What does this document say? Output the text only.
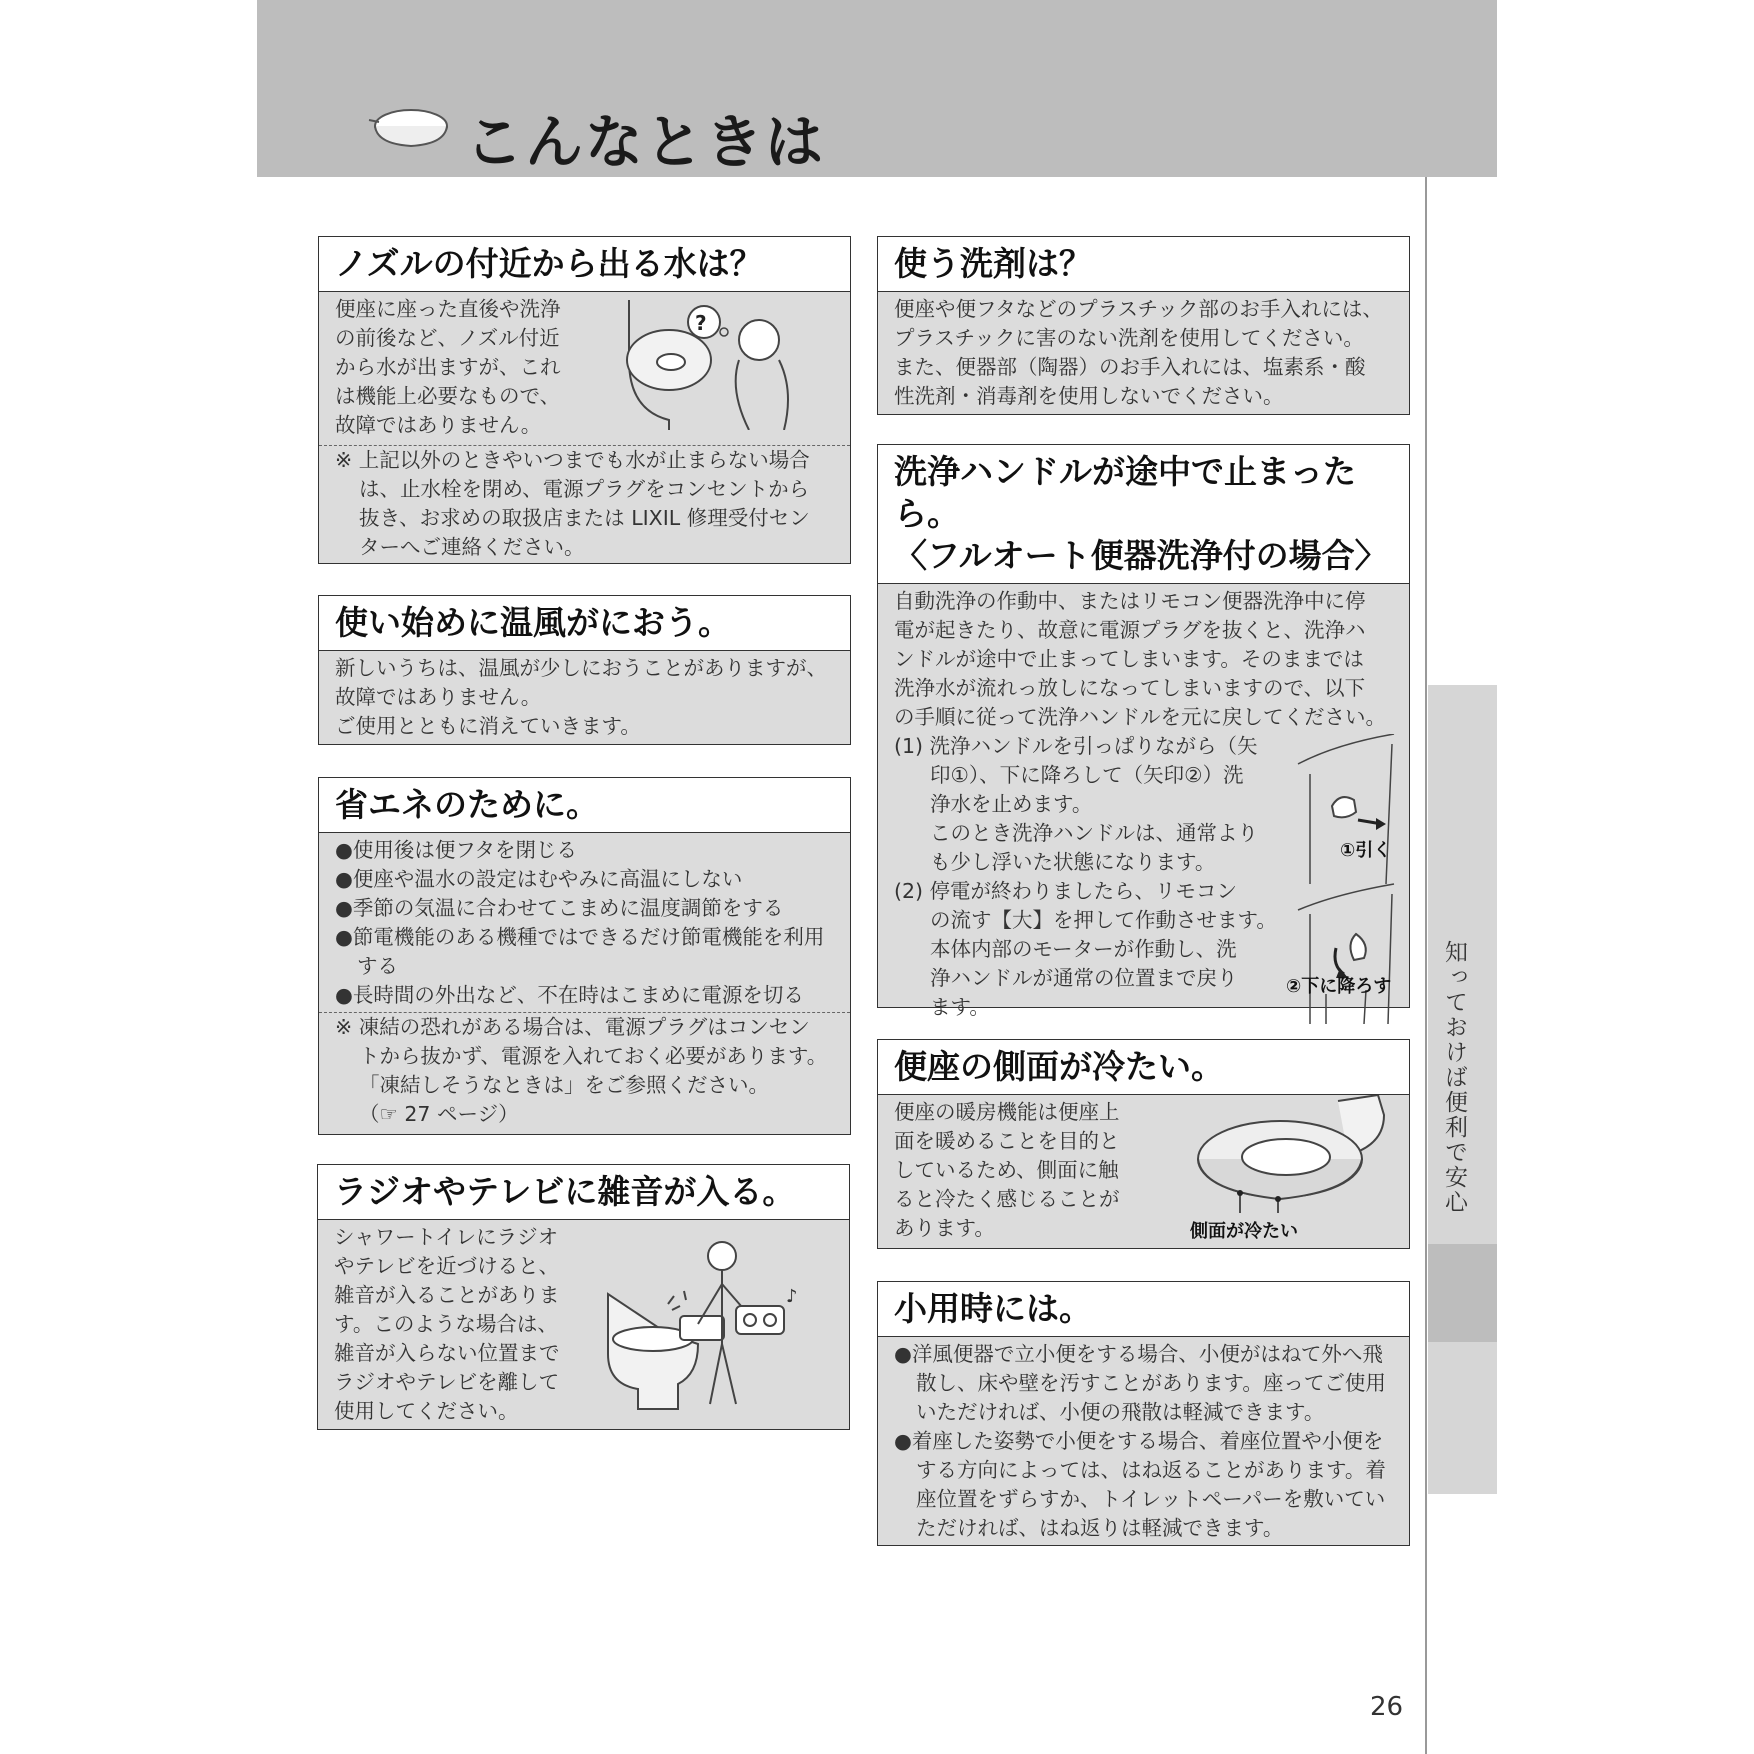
こんなときは
知っておけば便利で安心
ノズルの付近から出る水は？

便座に座った直後や洗浄

の前後など、ノズル付近

から水が出ますが、これ

は機能上必要なもので、

故障ではありません。

?

※ 上記以外のときやいつまでも水が止まらない場合

は、止水栓を閉め、電源プラグをコンセントから

抜き、お求めの取扱店または LIXIL 修理受付セン

ターへご連絡ください。

使い始めに温風がにおう。

新しいうちは、温風が少しにおうことがありますが、

故障ではありません。

ご使用とともに消えていきます。

省エネのために。

●使用後は便フタを閉じる

●便座や温水の設定はむやみに高温にしない

●季節の気温に合わせてこまめに温度調節をする

●節電機能のある機種ではできるだけ節電機能を利用する

●長時間の外出など、不在時はこまめに電源を切る

※ 凍結の恐れがある場合は、電源プラグはコンセン

トから抜かず、電源を入れておく必要があります。

「凍結しそうなときは」をご参照ください。

（☞ 27 ページ）

ラジオやテレビに雑音が入る。

シャワートイレにラジオ

やテレビを近づけると、

雑音が入ることがありま

す。このような場合は、

雑音が入らない位置まで

ラジオやテレビを離して

使用してください。

♪
使う洗剤は？

便座や便フタなどのプラスチック部のお手入れには、

プラスチックに害のない洗剤を使用してください。

また、便器部（陶器）のお手入れには、塩素系・酸

性洗剤・消毒剤を使用しないでください。

洗浄ハンドルが途中で止まったら。
〈フルオート便器洗浄付の場合〉

自動洗浄の作動中、またはリモコン便器洗浄中に停

電が起きたり、故意に電源プラグを抜くと、洗浄ハ

ンドルが途中で止まってしまいます。そのままでは

洗浄水が流れっ放しになってしまいますので、以下

の手順に従って洗浄ハンドルを元に戻してください。

(1) 洗浄ハンドルを引っぱりながら（矢

印①）、下に降ろして（矢印②）洗

浄水を止めます。

このとき洗浄ハンドルは、通常より

も少し浮いた状態になります。

(2) 停電が終わりましたら、リモコン

の流す【大】を押して作動させます。

本体内部のモーターが作動し、洗

浄ハンドルが通常の位置まで戻り

ます。

①引く
②下に降ろす
便座の側面が冷たい。

便座の暖房機能は便座上

面を暖めることを目的と

しているため、側面に触

ると冷たく感じることが

あります。	側面が冷たい
小用時には。

●洋風便器で立小便をする場合、小便がはねて外へ飛散し、床や壁を汚すことがあります。座ってご使用いただければ、小便の飛散は軽減できます。

●着座した姿勢で小便をする場合、着座位置や小便をする方向によっては、はね返ることがあります。着座位置をずらすか、トイレットペーパーを敷いていただければ、はね返りは軽減できます。

26
